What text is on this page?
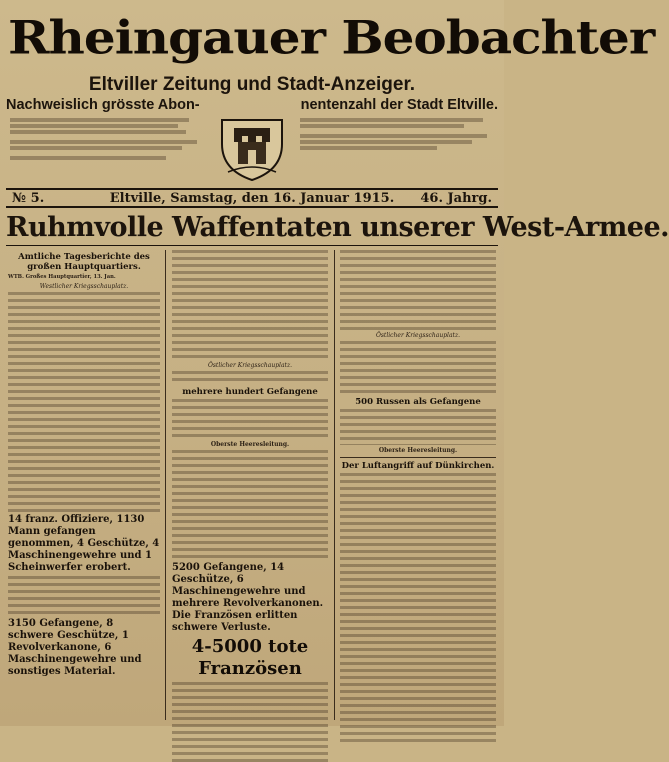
Rheingauer Beobachter
Eltviller Zeitung und Stadt-Anzeiger.
Nachweislich grösste Abon-	nentenzahl der Stadt Eltville.
№ 5.	Eltville, Samstag, den 16. Januar 1915.	46. Jahrg.
Ruhmvolle Waffentaten unserer West-Armee.
Amtliche Tagesberichte des großen Hauptquartiers.
WTB. Großes Hauptquartier, 13. Jan.
Westlicher Kriegsschauplatz.
14 franz. Offiziere, 1130 Mann gefangen genommen, 4 Geschütze, 4 Maschinengewehre und 1 Scheinwerfer erobert.
3150 Gefangene, 8 schwere Geschütze, 1 Revolverkanone, 6 Maschinengewehre und sonstiges Material.
Östlicher Kriegsschauplatz.
mehrere hundert Gefangene
Oberste Heeresleitung.
5200 Gefangene, 14 Geschütze, 6 Maschinengewehre und mehrere Revolverkanonen. Die Französen erlitten schwere Verluste.
4-5000 tote Französen
Östlicher Kriegsschauplatz.
500 Russen als Gefangene
Oberste Heeresleitung.
Der Luftangriff auf Dünkirchen.
